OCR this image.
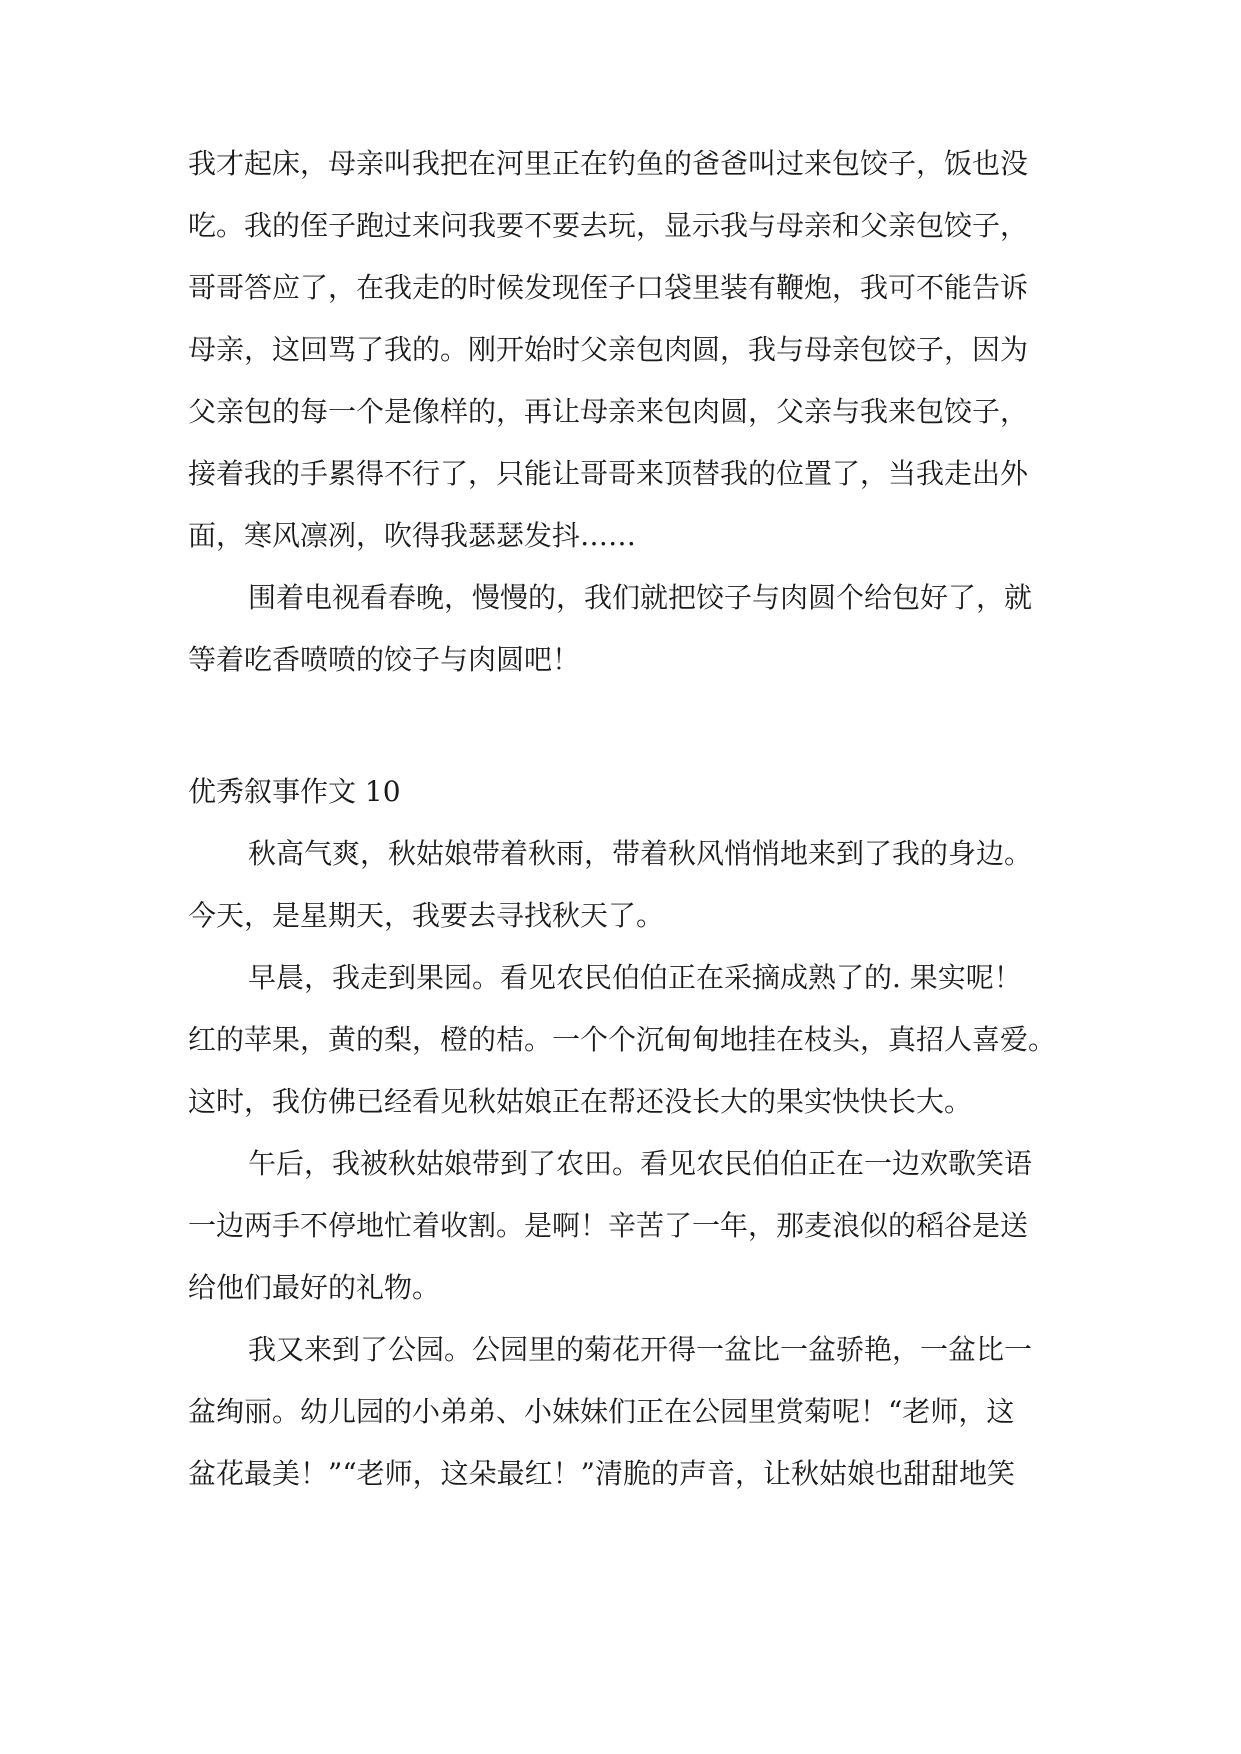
我才起床，母亲叫我把在河里正在钓鱼的爸爸叫过来包饺子，饭也没
吃。我的侄子跑过来问我要不要去玩，显示我与母亲和父亲包饺子，
哥哥答应了，在我走的时候发现侄子口袋里装有鞭炮，我可不能告诉
母亲，这回骂了我的。刚开始时父亲包肉圆，我与母亲包饺子，因为
父亲包的每一个是像样的，再让母亲来包肉圆，父亲与我来包饺子，
接着我的手累得不行了，只能让哥哥来顶替我的位置了，当我走出外
面，寒风凛冽，吹得我瑟瑟发抖……
围着电视看春晚，慢慢的，我们就把饺子与肉圆个给包好了，就
等着吃香喷喷的饺子与肉圆吧！
优秀叙事作文 10
秋高气爽，秋姑娘带着秋雨，带着秋风悄悄地来到了我的身边。
今天，是星期天，我要去寻找秋天了。
早晨，我走到果园。看见农民伯伯正在采摘成熟了的. 果实呢！
红的苹果，黄的梨，橙的桔。一个个沉甸甸地挂在枝头，真招人喜爱。
这时，我仿佛已经看见秋姑娘正在帮还没长大的果实快快长大。
午后，我被秋姑娘带到了农田。看见农民伯伯正在一边欢歌笑语
一边两手不停地忙着收割。是啊！辛苦了一年，那麦浪似的稻谷是送
给他们最好的礼物。
我又来到了公园。公园里的菊花开得一盆比一盆骄艳，一盆比一
盆绚丽。幼儿园的小弟弟、小妹妹们正在公园里赏菊呢！“老师，这
盆花最美！”“老师，这朵最红！”清脆的声音，让秋姑娘也甜甜地笑
